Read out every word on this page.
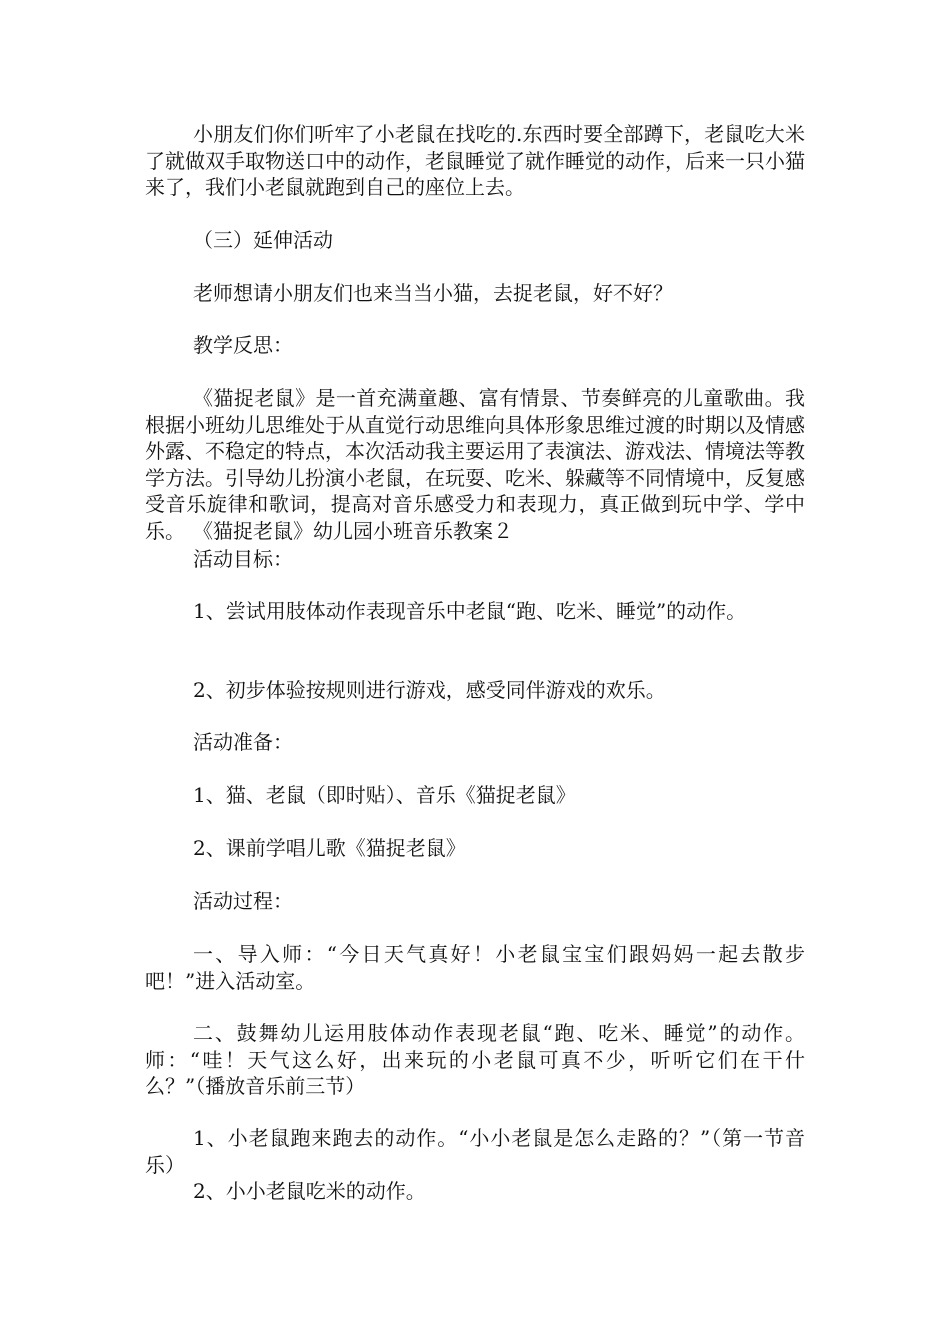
小朋友们你们听牢了小老鼠在找吃的.东西时要全部蹲下，老鼠吃大米了就做双手取物送口中的动作，老鼠睡觉了就作睡觉的动作，后来一只小猫来了，我们小老鼠就跑到自己的座位上去。

（三）延伸活动

老师想请小朋友们也来当当小猫，去捉老鼠，好不好？

教学反思：

《猫捉老鼠》是一首充满童趣、富有情景、节奏鲜亮的儿童歌曲。我根据小班幼儿思维处于从直觉行动思维向具体形象思维过渡的时期以及情感外露、不稳定的特点，本次活动我主要运用了表演法、游戏法、情境法等教学方法。引导幼儿扮演小老鼠，在玩耍、吃米、躲藏等不同情境中，反复感受音乐旋律和歌词，提高对音乐感受力和表现力，真正做到玩中学、学中乐。 《猫捉老鼠》幼儿园小班音乐教案２

活动目标：

1、尝试用肢体动作表现音乐中老鼠“跑、吃米、睡觉”的动作。

2、初步体验按规则进行游戏，感受同伴游戏的欢乐。

活动准备：

1、猫、老鼠（即时贴）、音乐《猫捉老鼠》

2、课前学唱儿歌《猫捉老鼠》

活动过程：

一、导入师：“今日天气真好！小老鼠宝宝们跟妈妈一起去散步吧！”进入活动室。

二、鼓舞幼儿运用肢体动作表现老鼠“跑、吃米、睡觉”的动作。师：“哇！天气这么好，出来玩的小老鼠可真不少，听听它们在干什么？”（播放音乐前三节）

1、小老鼠跑来跑去的动作。“小小老鼠是怎么走路的？”（第一节音乐）

2、小小老鼠吃米的动作。
